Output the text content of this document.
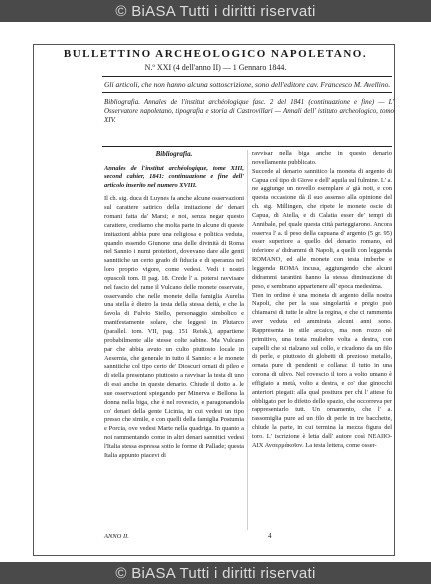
© BiASA Tutti i diritti riservati
BULLETTINO ARCHEOLOGICO NAPOLETANO.
N.º XXI (4 dell'anno II) — 1 Gennaro 1844.
Gli articoli, che non hanno alcuna sottoscrizione, sono dell'editore cav. Francesco M. Avellino.
Bibliografia. Annales de l'institut archéologique fasc. 2 del 1841 (continuazione e fine) — L' Osservatore napoletano, tipografia e storia di Castrovillari — Annali dell' istituto archeologico, tomo XIV.

Bibliografia.

Annales de l'institut archéologique, tome XIII, second cahier, 1841: continuazione e fine dell' articolo inserito nel numero XVIII.

Il ch. sig. duca di Luynes fa anche alcune osservazioni sul carattere satirico della imitazione de' denari romani fatta da' Marsi; e noi, senza negar questo carattere, crediamo che molta parte in alcune di queste imitazioni abbia pure una religiosa e politica veduta, quando essendo Giunone una delle divinità di Roma nel Sannio i numi protettori, dovevano dare alle genti sannitiche un certo grado di fiducia e di speranza nel loro proprio vigore, come vedesi. Vedi i nostri opuscoli tom. II pag. 18. Crede l' a. potersi ravvisare nel fascio del rame il Vulcano delle monete osservate, osservando che nelle monete della famiglia Aurelia una stella è dietro la testa della stessa deità, e che la favola di Fulvio Stello, personaggio simbolico e manifestamente solare, che leggesi in Plutarco (parallel. tom. VII, pag. 151 Reisk.), appartiene probabilmente alle stesse colte sabine. Ma Vulcano par che abbia avuto un culto piuttosto locale in Aesernia, che generale in tutto il Sannio: e le monete sannitiche col tipo certo de' Dioscuri ornati di pileo e di stella presentano piuttosto a ravvisar la testa di uno di essi anche in queste denario. Chiude il dotto a. le sue osservazioni spiegando per Minerva e Bellona la donna nella biga, che è nel rovescio, e paragonandola co' denari della gente Licinia, in cui vedesi un tipo presso che simile, e con quelli della famiglia Postumia e Porcia, ove vedesi Marte nella quadriga. In quanto a noi rammentando come in altri denari sannitici vedesi l'Italia stessa espressa sotto le forme di Pallade; questa Italia appunto piacevi di

ravvisar nella biga anche in questo denario novellamente pubblicato.

Succede al denario sannitico la moneta di argento di Capua col tipo di Giove e dell' aquila sul fulmine. L' a. ne aggiunge un novello esemplare a' già noti, e con questa occasione dà il suo assenso alla opinione del ch. sig. Millingen, che ripete le monete oscie di Capua, di Atella, e di Calatia esser de' tempi di Annibale, pel quale questa città parteggiarono. Ancora osserva l' a. il peso della capuana d' argento (5 gr. 95) esser superiore a quello del denario romano, ed inferiore a' didrammi di Napoli, a quelli con leggenda ROMANO, ed alle monete con testa imberbe e leggenda ROMA incusa, aggiungendo che alcuni didrammi tarantini hanno la stessa diminuzione di peso, e sembrano appartenere all' epoca medesima.

Tien in ordine è una moneta di argento della nostra Napoli, che per la sua singolarità e pregio può chiamarsi di tutte le altre la regina, e che ci rammenta aver veduta ed ammirata alcuni anni sono. Rappresenta in stile arcaico, ma non rozzo nè primitivo, una testa muliebre volta a destra, con capelli che si rialzano sul collo, e ricadono da un filo di perle, e piuttosto di globetti di prezioso metallo, ornata pure di pendenti e collana: il tutto in una corona di ulivo. Nel rovescio il toro a volto umano è effigiato a metà, volto a destra, e co' due ginocchi anteriori piegati: alla qual positura per chi l' attese fu obbligato per lo difetto dello spazio, che occorreva per rappresentarlo tutt. Un ornamento, che l' a. rassomiglia pure ad un filo di perle in tre bacchette, chiude la parte, in cui termina la mezza figura del toro. L' iscrizione è letta dall' autore così NEAIIO-AIX Avσερμάκοῖον. La testa lettera, come osser-

ANNO II.	4
© BiASA Tutti i diritti riservati
